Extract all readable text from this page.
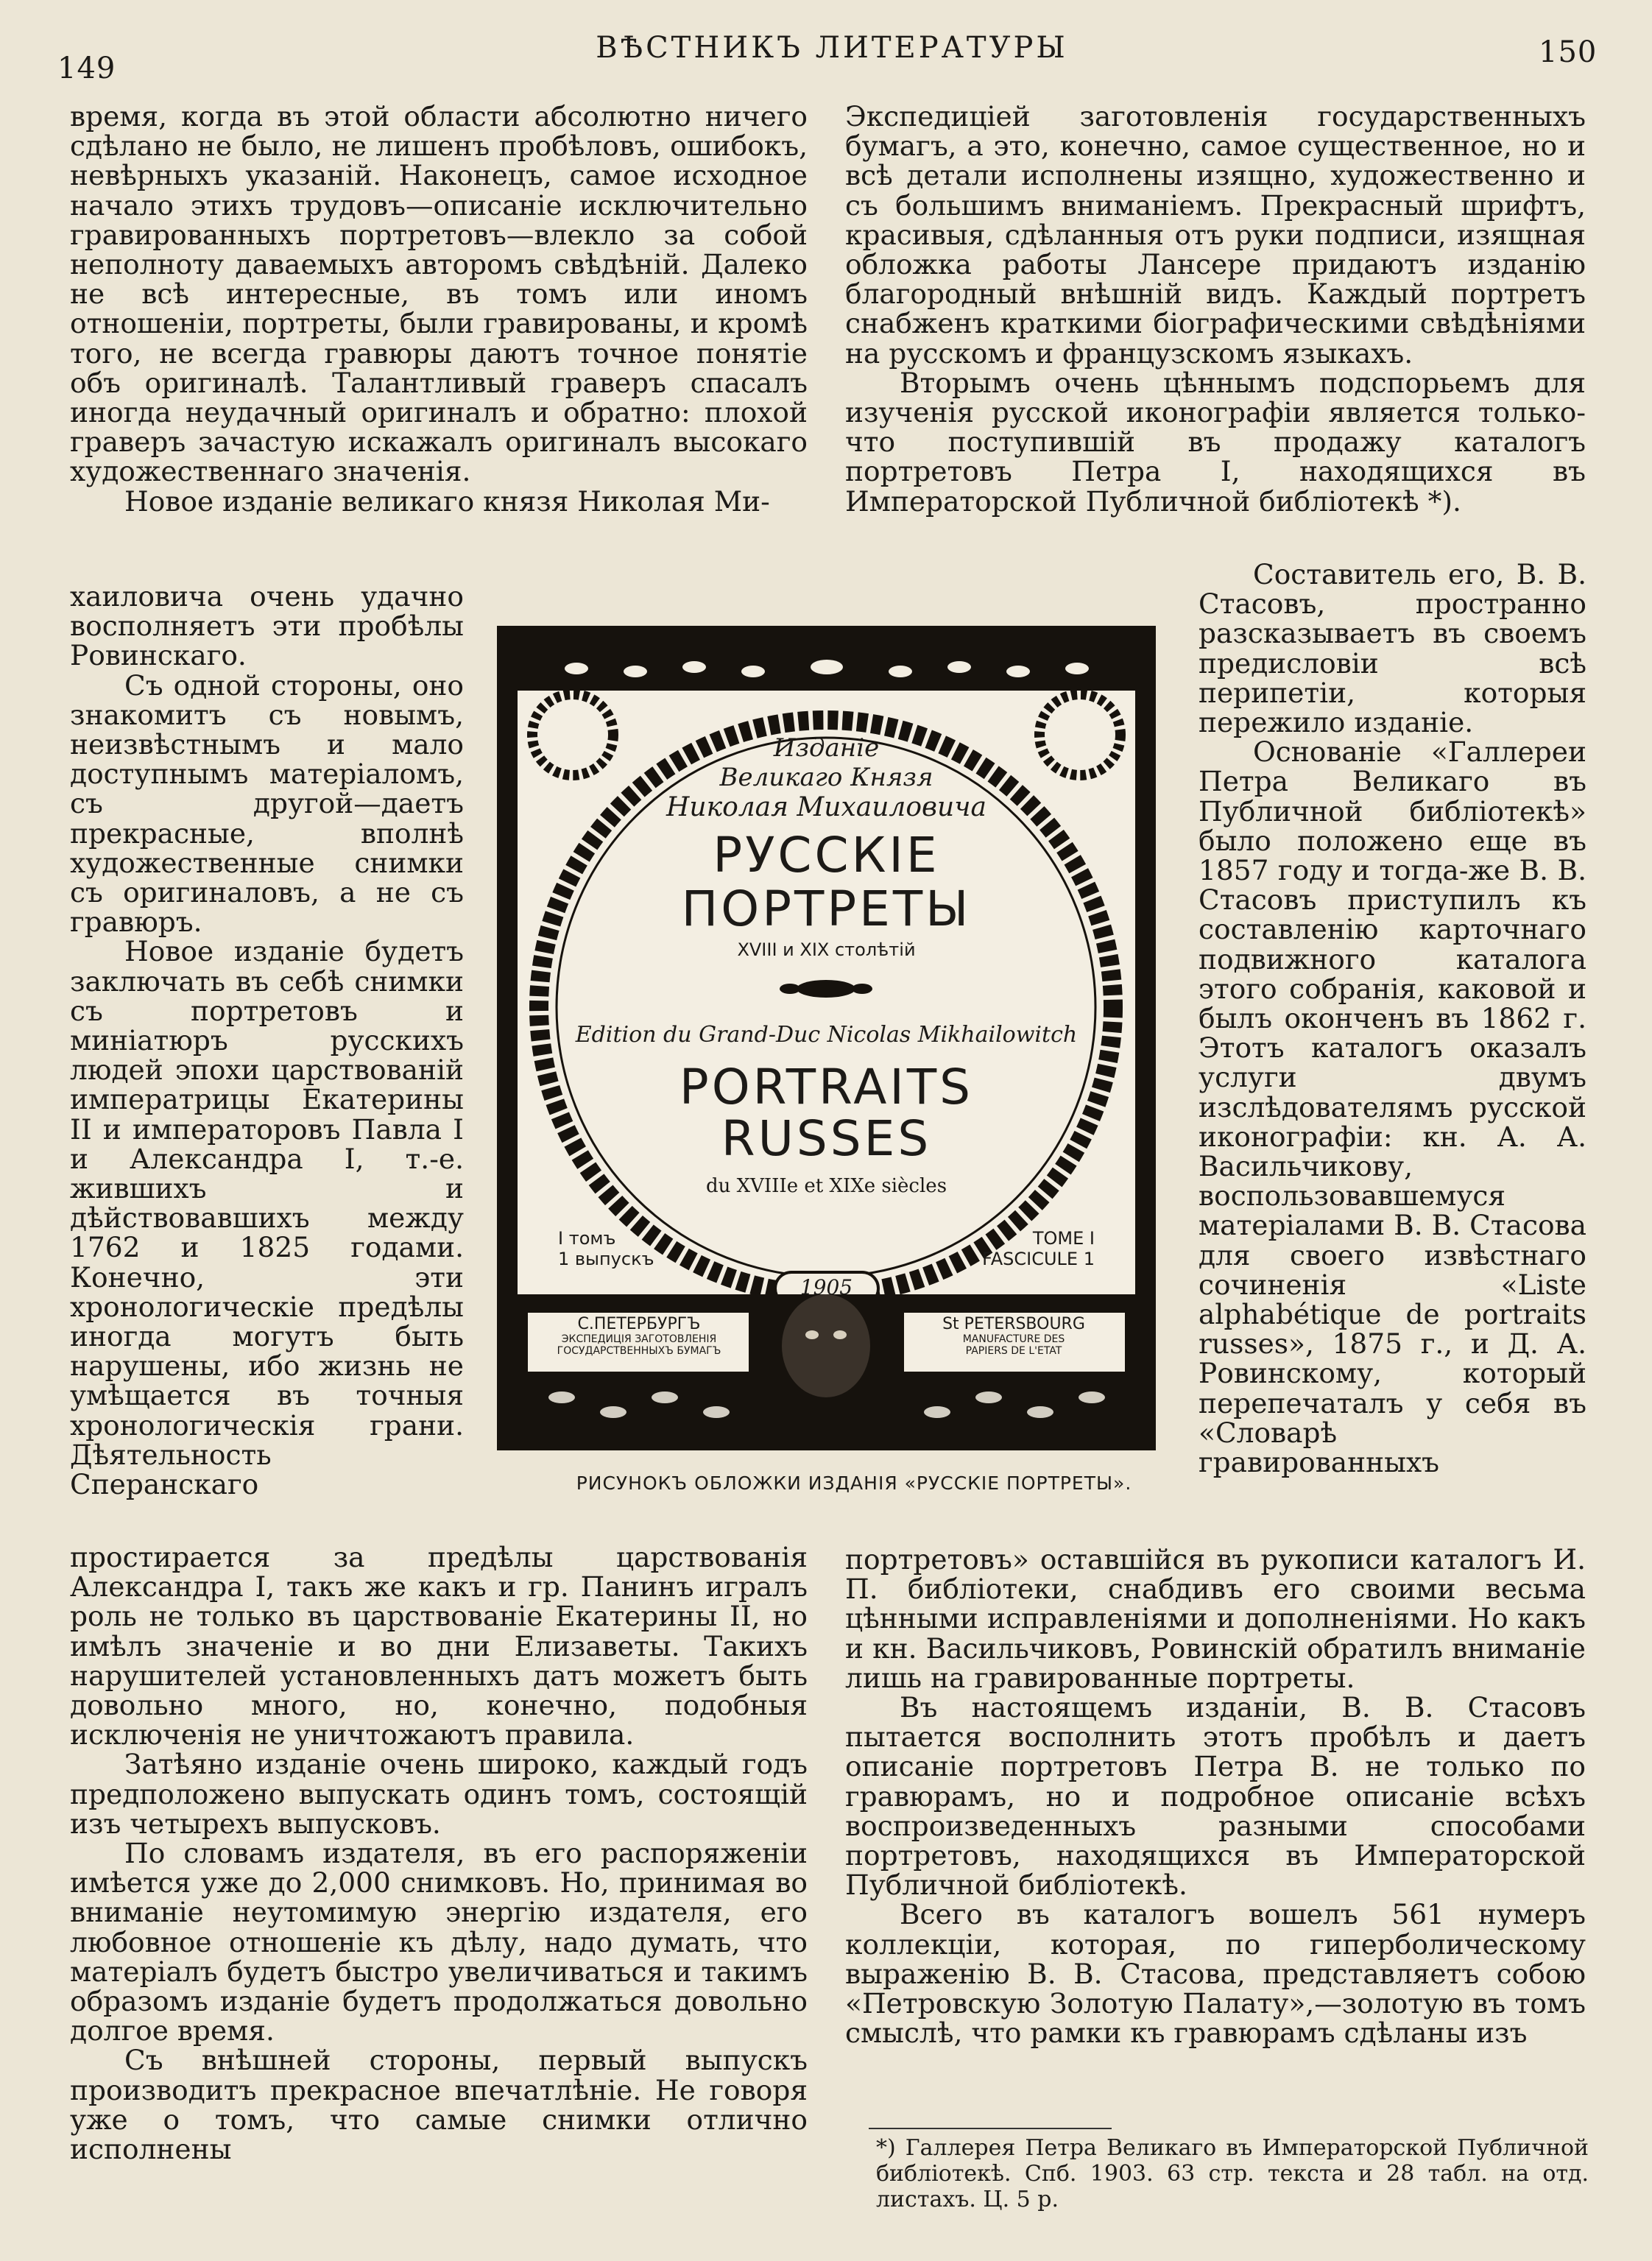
149
ВѢСТНИКЪ ЛИТЕРАТУРЫ	150

время, когда въ этой области абсолютно ничего сдѣлано не было, не лишенъ пробѣловъ, ошибокъ, невѣрныхъ указаній. Наконецъ, самое исходное начало этихъ трудовъ—описаніе исключительно гравированныхъ портретовъ—влекло за собой неполноту даваемыхъ авторомъ свѣдѣній. Далеко не всѣ интересные, въ томъ или иномъ отношеніи, портреты, были гравированы, и кромѣ того, не всегда гравюры даютъ точное понятіе объ оригиналѣ. Талантливый граверъ спасалъ иногда неудачный оригиналъ и обратно: плохой граверъ зачастую искажалъ оригиналъ высокаго художественнаго значенія.

Новое изданіе великаго князя Николая Ми-

хаиловича очень удачно восполняетъ эти пробѣлы Ровинскаго.

Съ одной стороны, оно знакомитъ съ новымъ, неизвѣстнымъ и мало доступнымъ матеріаломъ, съ другой—даетъ прекрасные, вполнѣ художественные снимки съ оригиналовъ, а не съ гравюръ.

Новое изданіе будетъ заключать въ себѣ снимки съ портретовъ и миніатюръ русскихъ людей эпохи царствованій императрицы Екатерины II и императоровъ Павла I и Александра I, т.-е. жившихъ и дѣйствовавшихъ между 1762 и 1825 годами. Конечно, эти хронологическіе предѣлы иногда могутъ быть нарушены, ибо жизнь не умѣщается въ точныя хронологическія грани. Дѣятельность Сперанскаго

простирается за предѣлы царствованія Александра I, такъ же какъ и гр. Панинъ игралъ роль не только въ царствованіе Екатерины II, но имѣлъ значеніе и во дни Елизаветы. Такихъ нарушителей установленныхъ датъ можетъ быть довольно много, но, конечно, подобныя исключенія не уничтожаютъ правила.

Затѣяно изданіе очень широко, каждый годъ предположено выпускать одинъ томъ, состоящій изъ четырехъ выпусковъ.

По словамъ издателя, въ его распоряженіи имѣется уже до 2,000 снимковъ. Но, принимая во вниманіе неутомимую энергію издателя, его любовное отношеніе къ дѣлу, надо думать, что матеріалъ будетъ быстро увеличиваться и такимъ образомъ изданіе будетъ продолжаться довольно долгое время.

Съ внѣшней стороны, первый выпускъ производитъ прекрасное впечатлѣніе. Не говоря уже о томъ, что самые снимки отлично исполнены

Экспедиціей заготовленія государственныхъ бумагъ, а это, конечно, самое существенное, но и всѣ детали исполнены изящно, художественно и съ большимъ вниманіемъ. Прекрасный шрифтъ, красивыя, сдѣланныя отъ руки подписи, изящная обложка работы Лансере придаютъ изданію благородный внѣшній видъ. Каждый портретъ снабженъ краткими біографическими свѣдѣніями на русскомъ и французскомъ языкахъ.

Вторымъ очень цѣннымъ подспорьемъ для изученія русской иконографіи является только-что поступившій въ продажу каталогъ портретовъ Петра I, находящихся въ Императорской Публичной библіотекѣ *).

Составитель его, В. В. Стасовъ, пространно разсказываетъ въ своемъ предисловіи всѣ перипетіи, которыя пережило изданіе.

Основаніе «Галлереи Петра Великаго въ Публичной библіотекѣ» было положено еще въ 1857 году и тогда-же В. В. Стасовъ приступилъ къ составленію карточнаго подвижного каталога этого собранія, каковой и былъ оконченъ въ 1862 г. Этотъ каталогъ оказалъ услуги двумъ изслѣдователямъ русской иконографіи: кн. А. А. Васильчикову, воспользовавшемуся матеріалами В. В. Стасова для своего извѣстнаго сочиненія «Liste alphabétique de portraits russes», 1875 г., и Д. А. Ровинскому, который перепечаталъ у себя въ «Словарѣ гравированныхъ

портретовъ» оставшійся въ рукописи каталогъ И. П. библіотеки, снабдивъ его своими весьма цѣнными исправленіями и дополненіями. Но какъ и кн. Васильчиковъ, Ровинскій обратилъ вниманіе лишь на гравированные портреты.

Въ настоящемъ изданіи, В. В. Стасовъ пытается восполнить этотъ пробѣлъ и даетъ описаніе портретовъ Петра В. не только по гравюрамъ, но и подробное описаніе всѣхъ воспроизведенныхъ разными способами портретовъ, находящихся въ Императорской Публичной библіотекѣ.

Всего въ каталогъ вошелъ 561 нумеръ коллекціи, которая, по гиперболическому выраженію В. В. Стасова, представляетъ собою «Петровскую Золотую Палату»,—золотую въ томъ смыслѣ, что рамки къ гравюрамъ сдѣланы изъ

*) Галлерея Петра Великаго въ Императорской Публичной библіотекѣ. Спб. 1903. 63 стр. текста и 28 табл. на отд. листахъ. Ц. 5 р.
Изданіе
Великаго Князя
Николая Михаиловича
РУССКІЕ
ПОРТРЕТЫ
XVIII и XIX столѣтій
Edition du Grand-Duc Nicolas Mikhailowitch
PORTRAITS
RUSSES
du XVIIIe et XIXe siècles
I томъ
1 выпускъ
TOME I
FASCICULE 1
1905
С.ПЕТЕРБУРГЪ
ЭКСПЕДИЦІЯ ЗАГОТОВЛЕНІЯ
ГОСУДАРСТВЕННЫХЪ БУМАГЪ
St PETERSBOURG
MANUFACTURE DES
PAPIERS DE L'ETAT
РИСУНОКЪ ОБЛОЖКИ ИЗДАНІЯ «РУССКІЕ ПОРТРЕТЫ».
